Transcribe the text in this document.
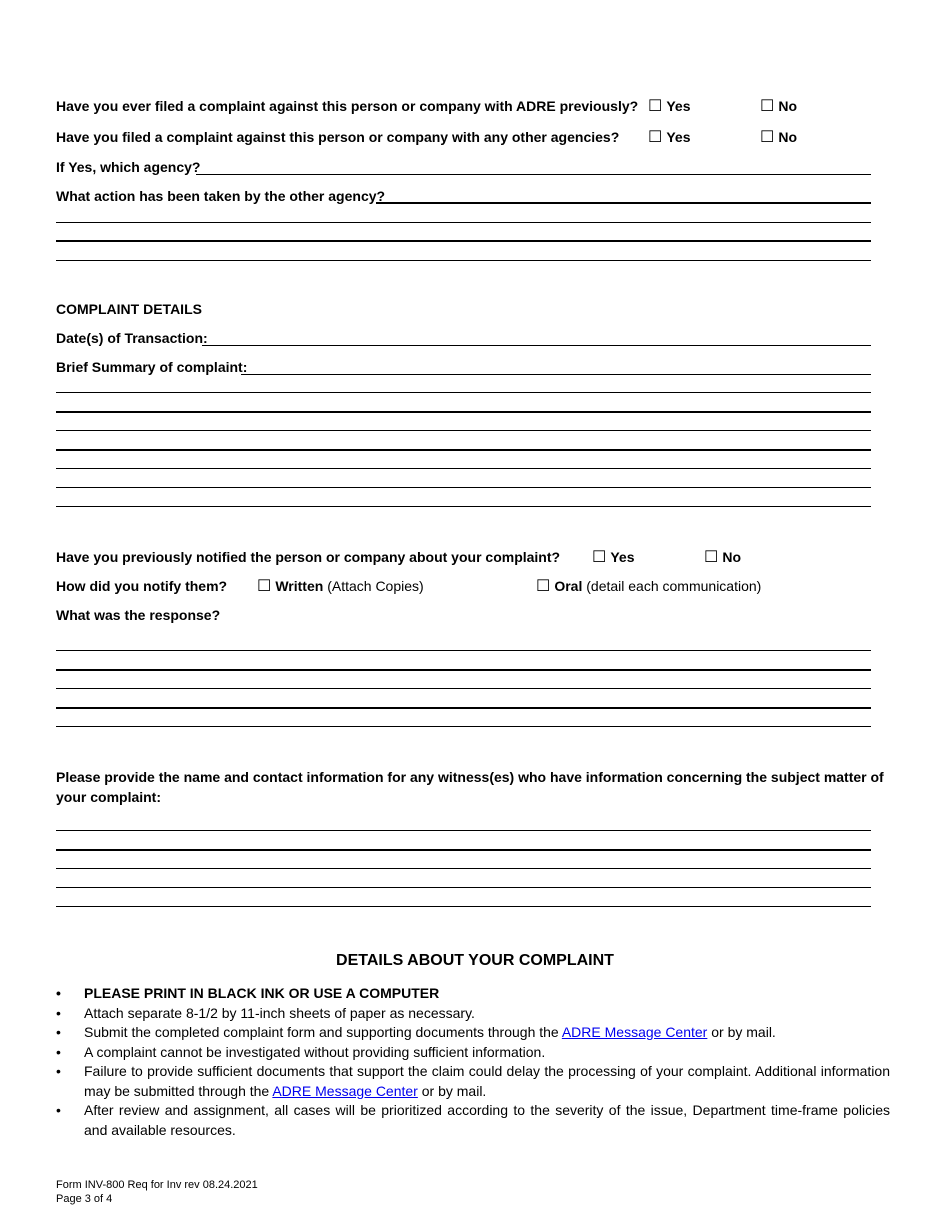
Have you ever filed a complaint against this person or company with ADRE previously? ☐ Yes	☐ No
Have you filed a complaint against this person or company with any other agencies? ☐ Yes	☐ No
If Yes, which agency?
What action has been taken by the other agency?
COMPLAINT DETAILS
Date(s) of Transaction:
Brief Summary of complaint:
Have you previously notified the person or company about your complaint? ☐ Yes	☐ No
How did you notify them? ☐ Written (Attach Copies)	☐ Oral (detail each communication)
What was the response?
Please provide the name and contact information for any witness(es) who have information concerning the subject matter of your complaint:
DETAILS ABOUT YOUR COMPLAINT
• PLEASE PRINT IN BLACK INK OR USE A COMPUTER
• Attach separate 8-1/2 by 11-inch sheets of paper as necessary.
• Submit the completed complaint form and supporting documents through the ADRE Message Center or by mail.
• A complaint cannot be investigated without providing sufficient information.
• Failure to provide sufficient documents that support the claim could delay the processing of your complaint. Additional information may be submitted through the ADRE Message Center or by mail.
• After review and assignment, all cases will be prioritized according to the severity of the issue, Department time-frame policies and available resources.
Form INV-800 Req for Inv rev 08.24.2021
Page 3 of 4
